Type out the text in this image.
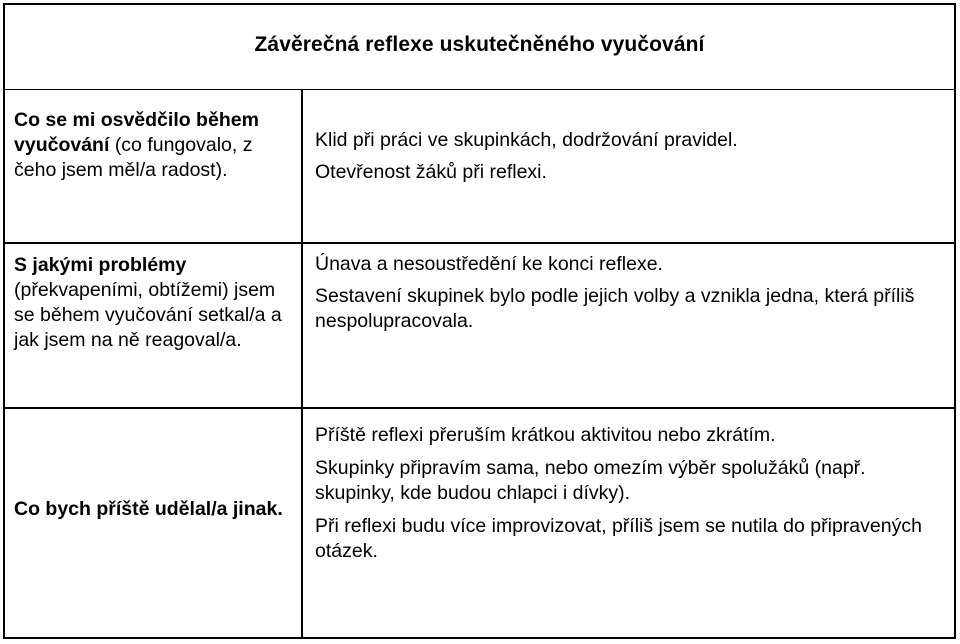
Závěrečná reflexe uskutečněného vyučování
Co se mi osvědčilo během vyučování (co fungovalo, z čeho jsem měl/a radost).

Klid při práci ve skupinkách, dodržování pravidel.

Otevřenost žáků při reflexi.

S jakými problémy (překvapeními, obtížemi) jsem se během vyučování setkal/a a jak jsem na ně reagoval/a.

Únava a nesoustředění ke konci reflexe.

Sestavení skupinek bylo podle jejich volby a vznikla jedna, která příliš nespolupracovala.

Co bych příště udělal/a jinak.

Příště reflexi přeruším krátkou aktivitou nebo zkrátím.

Skupinky připravím sama, nebo omezím výběr spolužáků (např. skupinky, kde budou chlapci i dívky).

Při reflexi budu více improvizovat, příliš jsem se nutila do připravených otázek.
